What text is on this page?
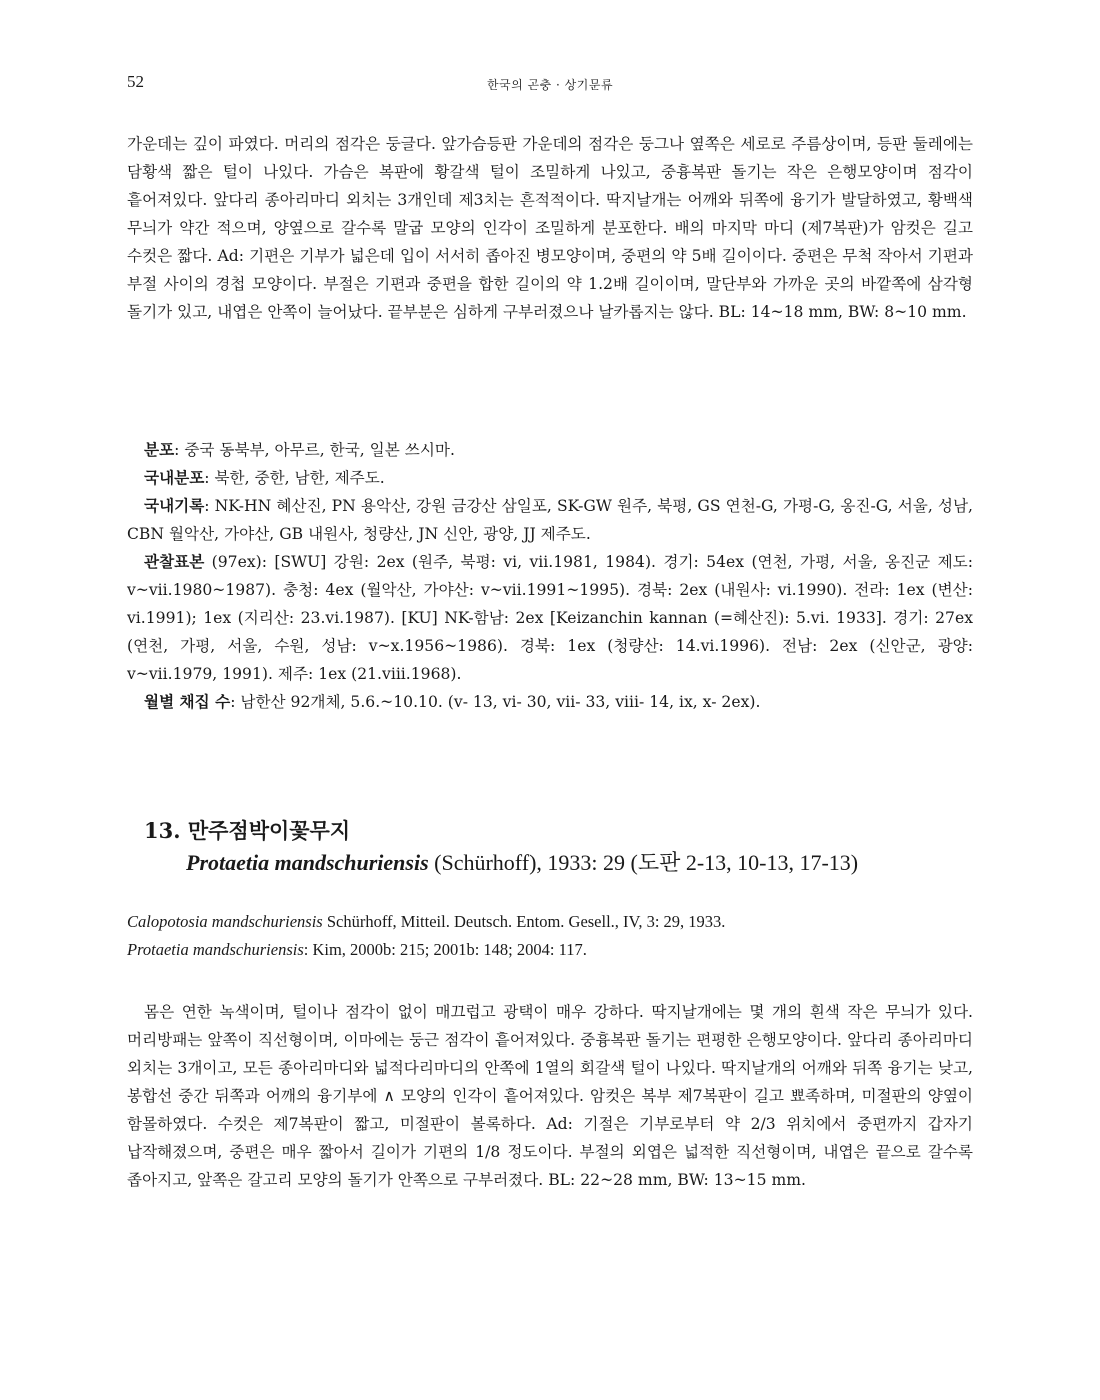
52	한국의 곤충 · 상기문류

가운데는 깊이 파였다. 머리의 점각은 둥글다. 앞가슴등판 가운데의 점각은 둥그나 옆쪽은 세로로 주름상이며, 등판 둘레에는 담황색 짧은 털이 나있다. 가슴은 복판에 황갈색 털이 조밀하게 나있고, 중흉복판 돌기는 작은 은행모양이며 점각이 흩어져있다. 앞다리 종아리마디 외치는 3개인데 제3치는 흔적적이다. 딱지날개는 어깨와 뒤쪽에 융기가 발달하였고, 황백색 무늬가 약간 적으며, 양옆으로 갈수록 말굽 모양의 인각이 조밀하게 분포한다. 배의 마지막 마디 (제7복판)가 암컷은 길고 수컷은 짧다. Ad: 기편은 기부가 넓은데 입이 서서히 좁아진 병모양이며, 중편의 약 5배 길이이다. 중편은 무척 작아서 기편과 부절 사이의 경첩 모양이다. 부절은 기편과 중편을 합한 길이의 약 1.2배 길이이며, 말단부와 가까운 곳의 바깥쪽에 삼각형 돌기가 있고, 내엽은 안쪽이 늘어났다. 끝부분은 심하게 구부러졌으나 날카롭지는 않다. BL: 14~18 mm, BW: 8~10 mm.

분포: 중국 동북부, 아무르, 한국, 일본 쓰시마.

국내분포: 북한, 중한, 남한, 제주도.

국내기록: NK-HN 혜산진, PN 용악산, 강원 금강산 삼일포, SK-GW 원주, 북평, GS 연천-G, 가평-G, 옹진-G, 서울, 성남, CBN 월악산, 가야산, GB 내원사, 청량산, JN 신안, 광양, JJ 제주도.

관찰표본 (97ex): [SWU] 강원: 2ex (원주, 북평: vi, vii.1981, 1984). 경기: 54ex (연천, 가평, 서울, 옹진군 제도: v~vii.1980~1987). 충청: 4ex (월악산, 가야산: v~vii.1991~1995). 경북: 2ex (내원사: vi.1990). 전라: 1ex (변산: vi.1991); 1ex (지리산: 23.vi.1987). [KU] NK-함남: 2ex [Keizanchin kannan (=혜산진): 5.vi. 1933]. 경기: 27ex (연천, 가평, 서울, 수원, 성남: v~x.1956~1986). 경북: 1ex (청량산: 14.vi.1996). 전남: 2ex (신안군, 광양: v~vii.1979, 1991). 제주: 1ex (21.viii.1968).

월별 채집 수: 남한산 92개체, 5.6.~10.10. (v- 13, vi- 30, vii- 33, viii- 14, ix, x- 2ex).

13. 만주점박이꽃무지

Protaetia mandschuriensis (Schürhoff), 1933: 29 (도판 2-13, 10-13, 17-13)

Calopotosia mandschuriensis Schürhoff, Mitteil. Deutsch. Entom. Gesell., IV, 3: 29, 1933.

Protaetia mandschuriensis: Kim, 2000b: 215; 2001b: 148; 2004: 117.

몸은 연한 녹색이며, 털이나 점각이 없이 매끄럽고 광택이 매우 강하다. 딱지날개에는 몇 개의 흰색 작은 무늬가 있다. 머리방패는 앞쪽이 직선형이며, 이마에는 둥근 점각이 흩어져있다. 중흉복판 돌기는 편평한 은행모양이다. 앞다리 종아리마디 외치는 3개이고, 모든 종아리마디와 넓적다리마디의 안쪽에 1열의 회갈색 털이 나있다. 딱지날개의 어깨와 뒤쪽 융기는 낮고, 봉합선 중간 뒤쪽과 어깨의 융기부에 ∧ 모양의 인각이 흩어져있다. 암컷은 복부 제7복판이 길고 뾰족하며, 미절판의 양옆이 함몰하였다. 수컷은 제7복판이 짧고, 미절판이 볼록하다. Ad: 기절은 기부로부터 약 2/3 위치에서 중편까지 갑자기 납작해졌으며, 중편은 매우 짧아서 길이가 기편의 1/8 정도이다. 부절의 외엽은 넓적한 직선형이며, 내엽은 끝으로 갈수록 좁아지고, 앞쪽은 갈고리 모양의 돌기가 안쪽으로 구부러졌다. BL: 22~28 mm, BW: 13~15 mm.
